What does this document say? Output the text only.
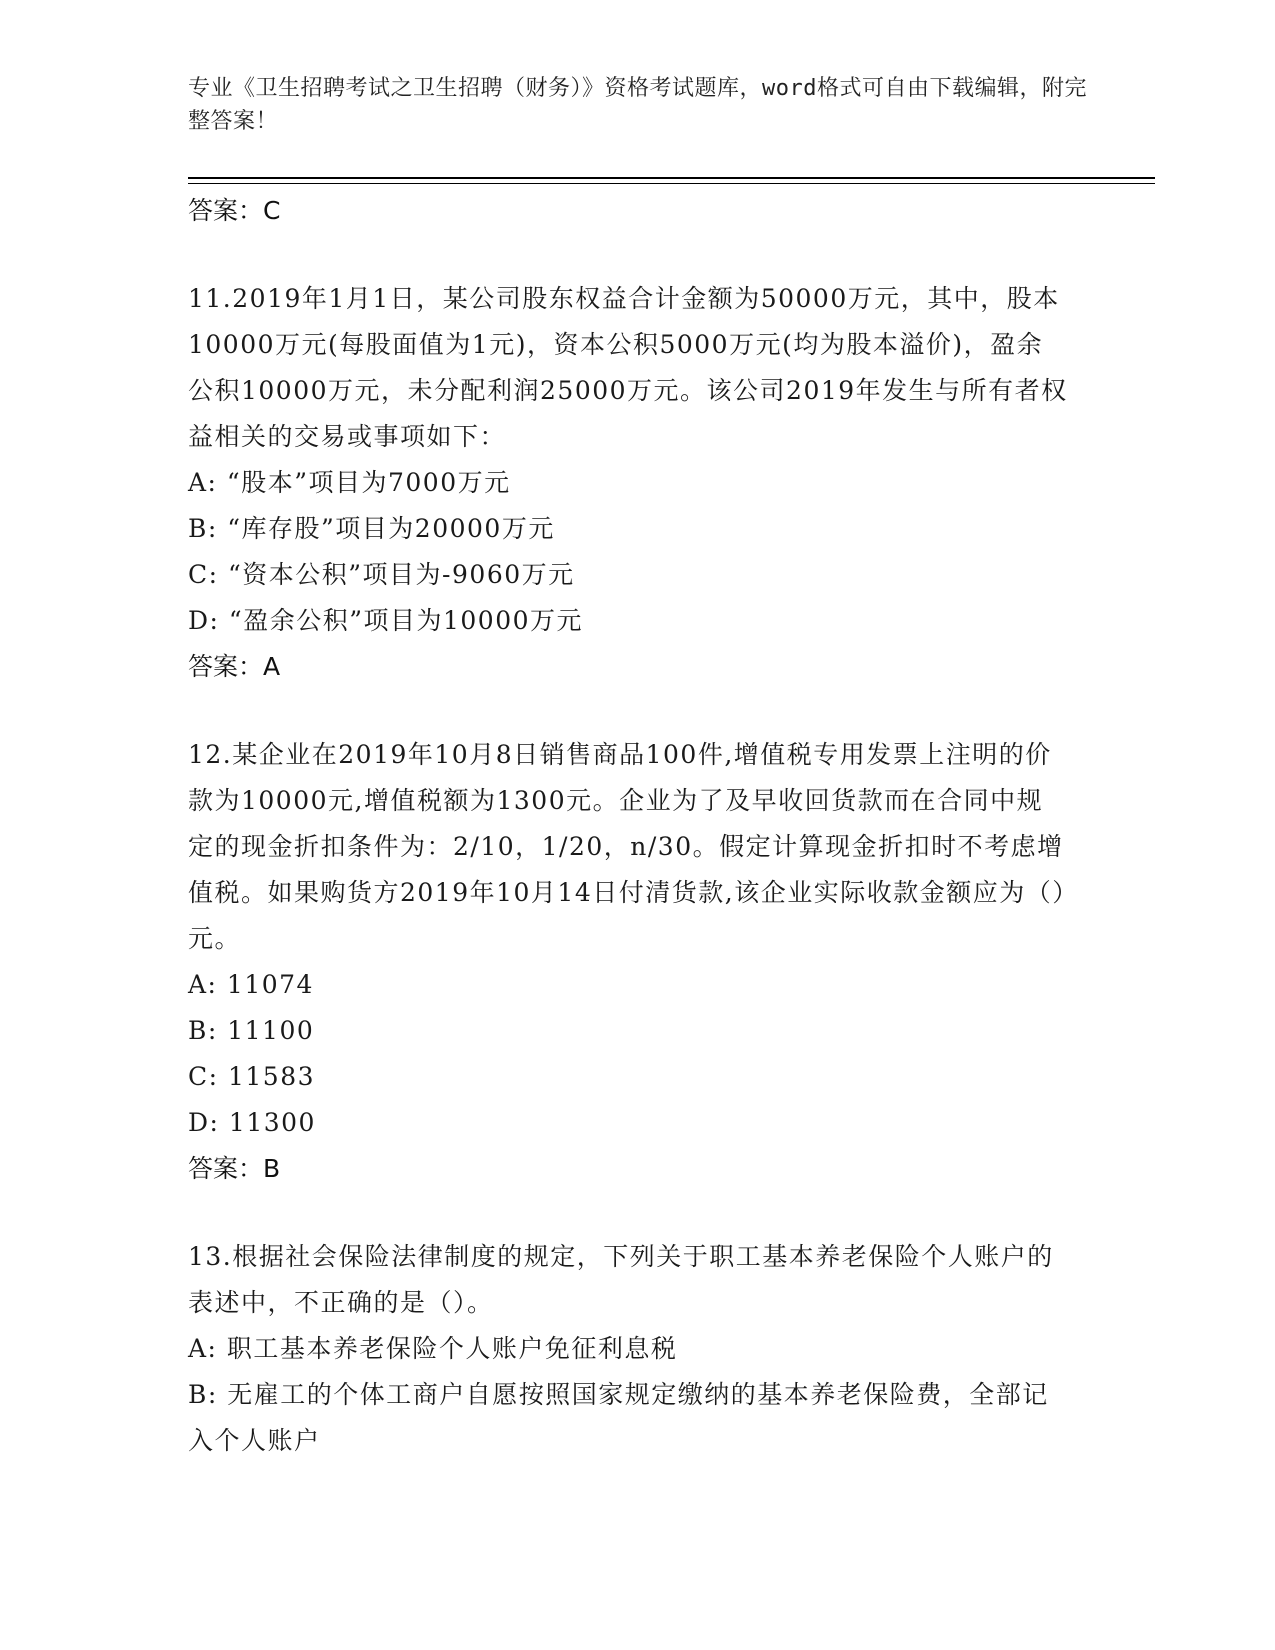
专业《卫生招聘考试之卫生招聘（财务）》资格考试题库，word格式可自由下载编辑，附完整答案！

答案：C

11.2019年1月1日，某公司股东权益合计金额为50000万元，其中，股本10000万元(每股面值为1元)，资本公积5000万元(均为股本溢价)，盈余公积10000万元，未分配利润25000万元。该公司2019年发生与所有者权益相关的交易或事项如下：

A: “股本”项目为7000万元

B: “库存股”项目为20000万元

C: “资本公积”项目为-9060万元

D: “盈余公积”项目为10000万元

答案：A

12.某企业在2019年10月8日销售商品100件,增值税专用发票上注明的价款为10000元,增值税额为1300元。企业为了及早收回货款而在合同中规定的现金折扣条件为：2/10，1/20，n/30。假定计算现金折扣时不考虑增值税。如果购货方2019年10月14日付清货款,该企业实际收款金额应为（）元。

A: 11074

B: 11100

C: 11583

D: 11300

答案：B

13.根据社会保险法律制度的规定，下列关于职工基本养老保险个人账户的表述中，不正确的是（）。

A: 职工基本养老保险个人账户免征利息税

B: 无雇工的个体工商户自愿按照国家规定缴纳的基本养老保险费，全部记入个人账户
